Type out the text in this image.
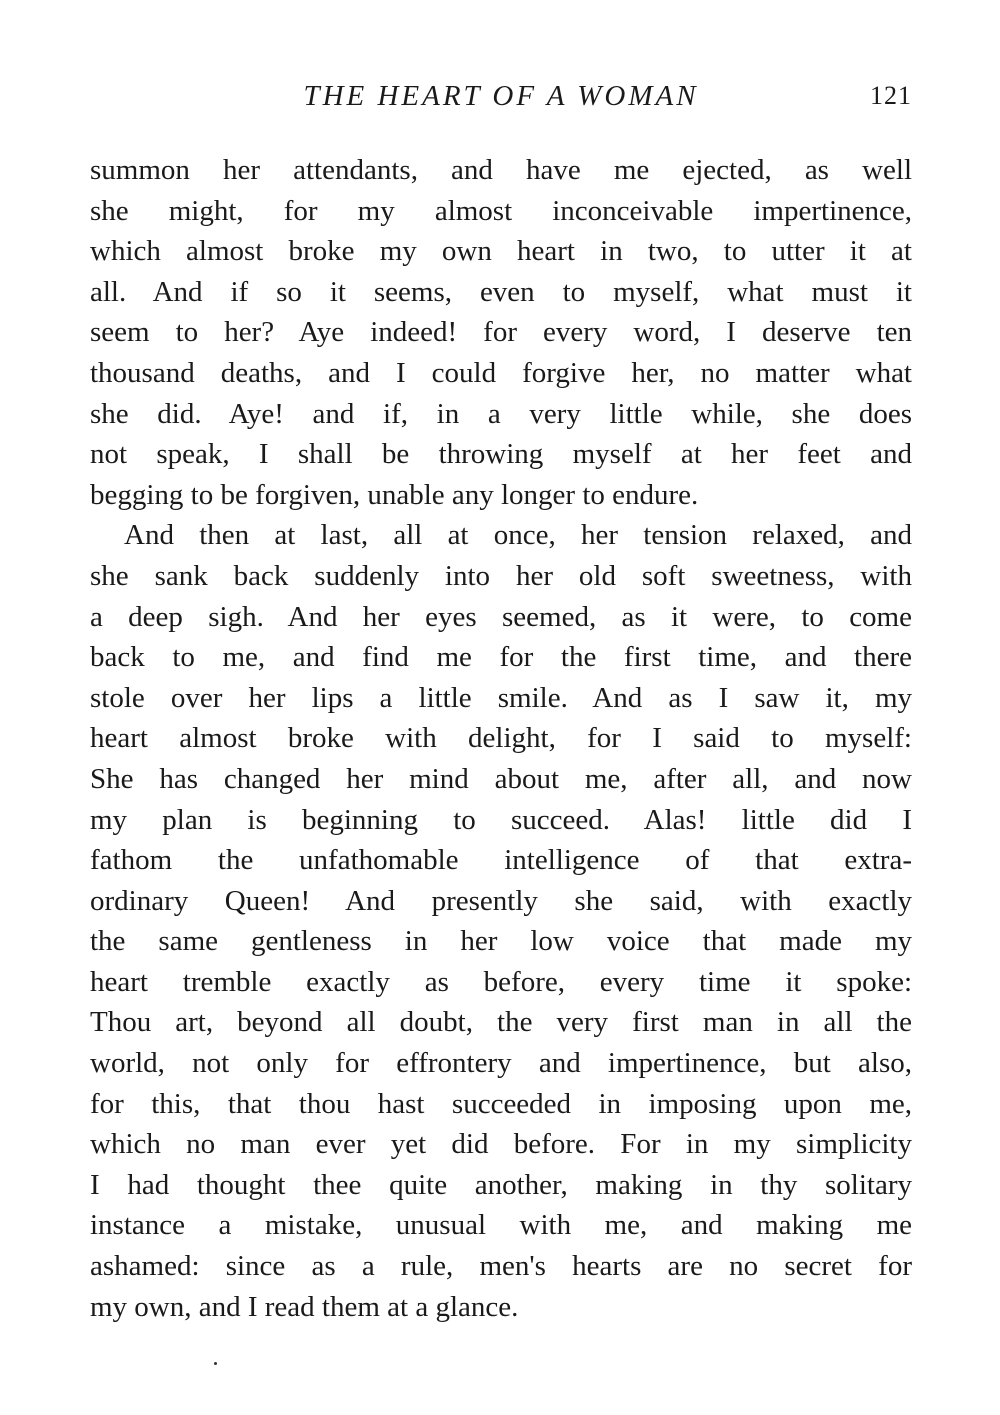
THE HEART OF A WOMAN	121
summon her attendants, and have me ejected, as well
she might, for my almost inconceivable impertinence,
which almost broke my own heart in two, to utter it at
all. And if so it seems, even to myself, what must it
seem to her? Aye indeed! for every word, I deserve ten
thousand deaths, and I could forgive her, no matter what
she did. Aye! and if, in a very little while, she does
not speak, I shall be throwing myself at her feet and
begging to be forgiven, unable any longer to endure.
And then at last, all at once, her tension relaxed, and
she sank back suddenly into her old soft sweetness, with
a deep sigh. And her eyes seemed, as it were, to come
back to me, and find me for the first time, and there
stole over her lips a little smile. And as I saw it, my
heart almost broke with delight, for I said to myself:
She has changed her mind about me, after all, and now
my plan is beginning to succeed. Alas! little did I
fathom the unfathomable intelligence of that extra-
ordinary Queen! And presently she said, with exactly
the same gentleness in her low voice that made my
heart tremble exactly as before, every time it spoke:
Thou art, beyond all doubt, the very first man in all the
world, not only for effrontery and impertinence, but also,
for this, that thou hast succeeded in imposing upon me,
which no man ever yet did before. For in my simplicity
I had thought thee quite another, making in thy solitary
instance a mistake, unusual with me, and making me
ashamed: since as a rule, men's hearts are no secret for
my own, and I read them at a glance.
